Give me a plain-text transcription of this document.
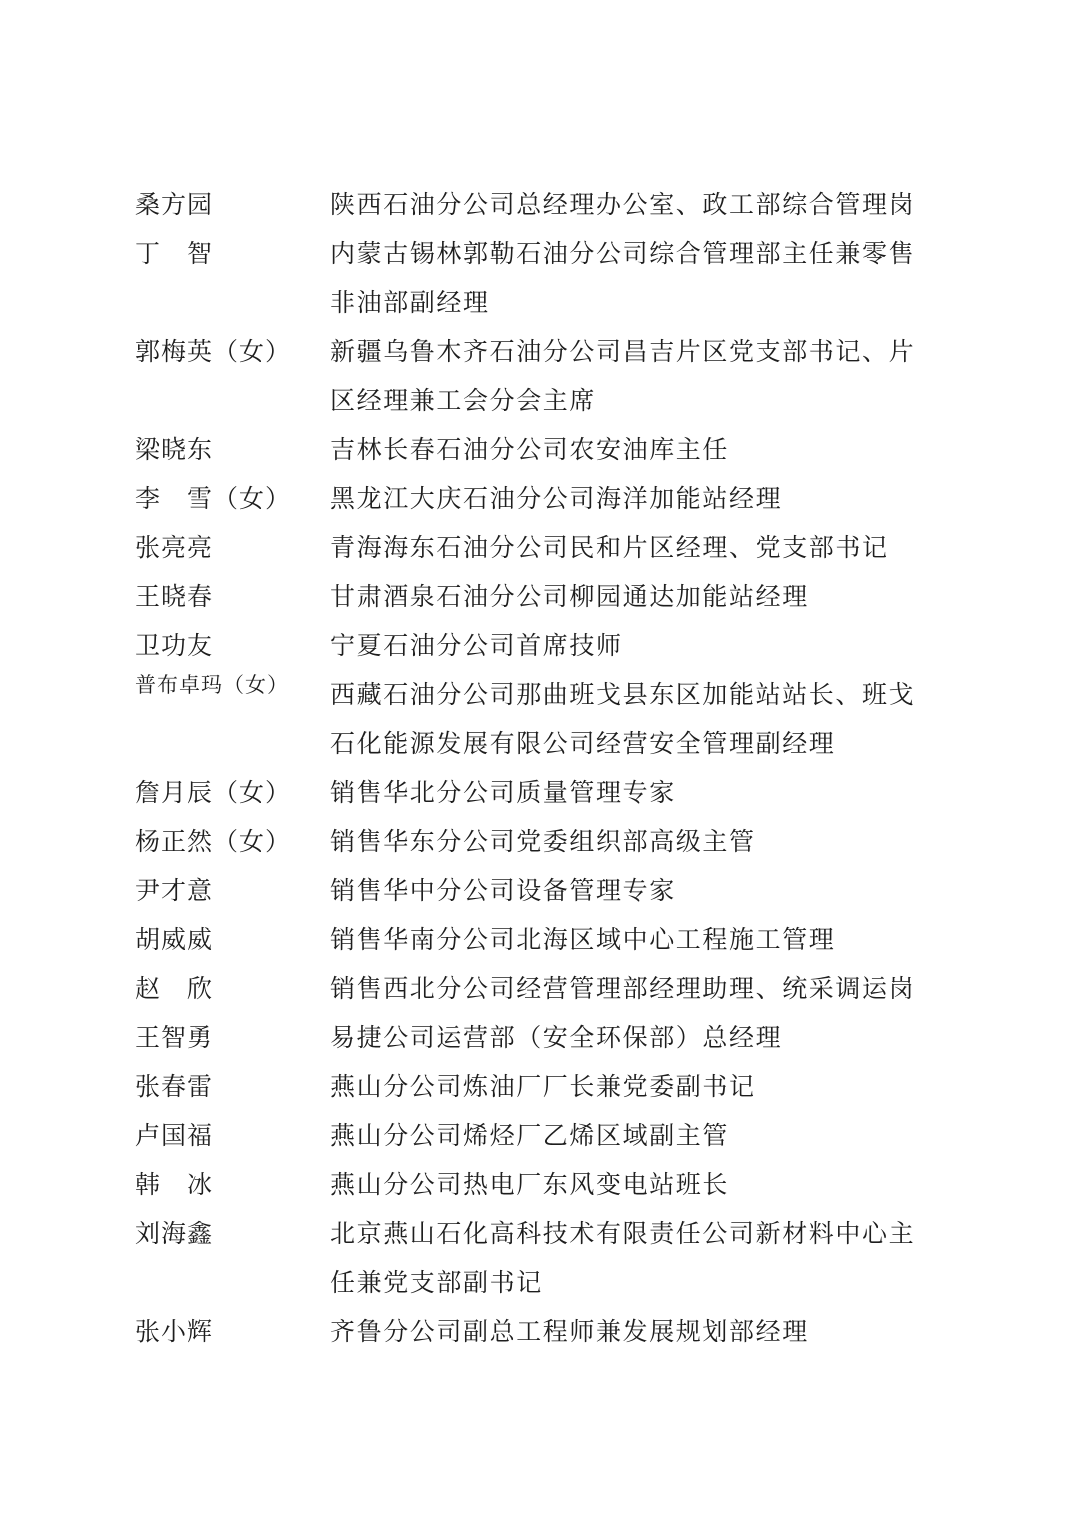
桑方园	陕西石油分公司总经理办公室、政工部综合管理岗
丁　智	内蒙古锡林郭勒石油分公司综合管理部主任兼零售非油部副经理
郭梅英（女）	新疆乌鲁木齐石油分公司昌吉片区党支部书记、片区经理兼工会分会主席
梁晓东	吉林长春石油分公司农安油库主任
李　雪（女）	黑龙江大庆石油分公司海洋加能站经理
张亮亮	青海海东石油分公司民和片区经理、党支部书记
王晓春	甘肃酒泉石油分公司柳园通达加能站经理
卫功友	宁夏石油分公司首席技师
普布卓玛（女）	西藏石油分公司那曲班戈县东区加能站站长、班戈石化能源发展有限公司经营安全管理副经理
詹月辰（女）	销售华北分公司质量管理专家
杨正然（女）	销售华东分公司党委组织部高级主管
尹才意	销售华中分公司设备管理专家
胡威威	销售华南分公司北海区域中心工程施工管理
赵　欣	销售西北分公司经营管理部经理助理、统采调运岗
王智勇	易捷公司运营部（安全环保部）总经理
张春雷	燕山分公司炼油厂厂长兼党委副书记
卢国福	燕山分公司烯烃厂乙烯区域副主管
韩　冰	燕山分公司热电厂东风变电站班长
刘海鑫	北京燕山石化高科技术有限责任公司新材料中心主任兼党支部副书记
张小辉	齐鲁分公司副总工程师兼发展规划部经理
